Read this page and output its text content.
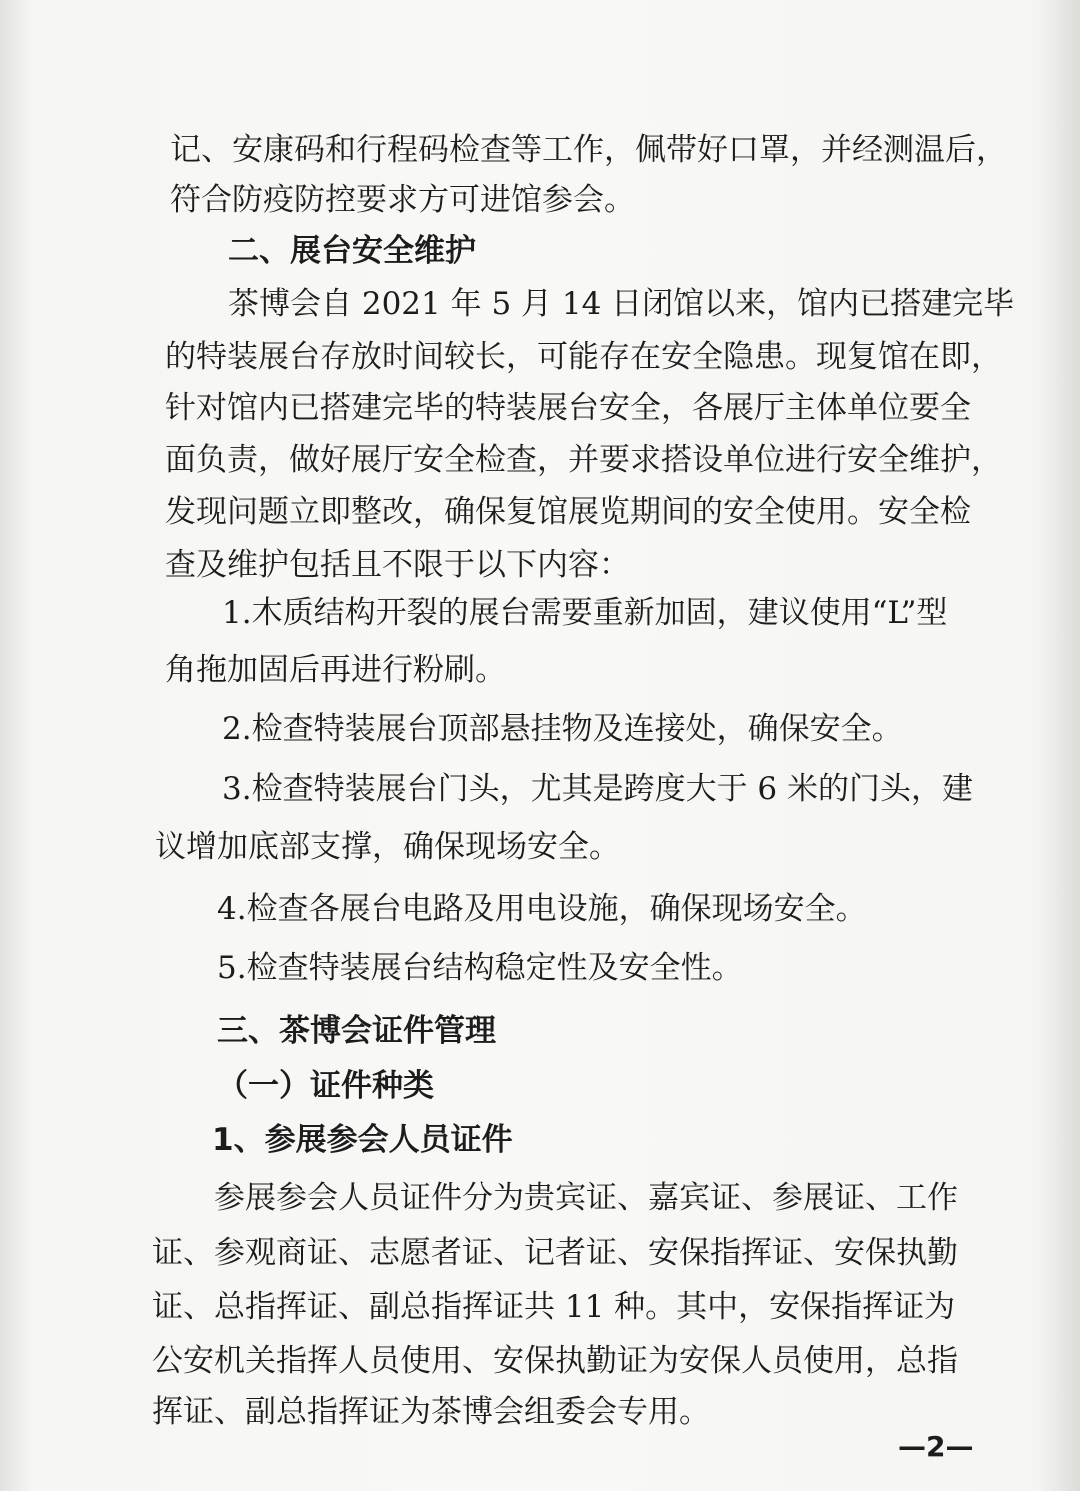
记、安康码和行程码检查等工作，佩带好口罩，并经测温后，
符合防疫防控要求方可进馆参会。
二、展台安全维护
茶博会自 2021 年 5 月 14 日闭馆以来，馆内已搭建完毕
的特装展台存放时间较长，可能存在安全隐患。现复馆在即，
针对馆内已搭建完毕的特装展台安全，各展厅主体单位要全
面负责，做好展厅安全检查，并要求搭设单位进行安全维护，
发现问题立即整改，确保复馆展览期间的安全使用。安全检
查及维护包括且不限于以下内容：
1.木质结构开裂的展台需要重新加固，建议使用“L”型
角拖加固后再进行粉刷。
2.检查特装展台顶部悬挂物及连接处，确保安全。
3.检查特装展台门头，尤其是跨度大于 6 米的门头，建
议增加底部支撑，确保现场安全。
4.检查各展台电路及用电设施，确保现场安全。
5.检查特装展台结构稳定性及安全性。
三、茶博会证件管理
（一）证件种类
1、参展参会人员证件
参展参会人员证件分为贵宾证、嘉宾证、参展证、工作
证、参观商证、志愿者证、记者证、安保指挥证、安保执勤
证、总指挥证、副总指挥证共 11 种。其中，安保指挥证为
公安机关指挥人员使用、安保执勤证为安保人员使用，总指
挥证、副总指挥证为茶博会组委会专用。
—2—
